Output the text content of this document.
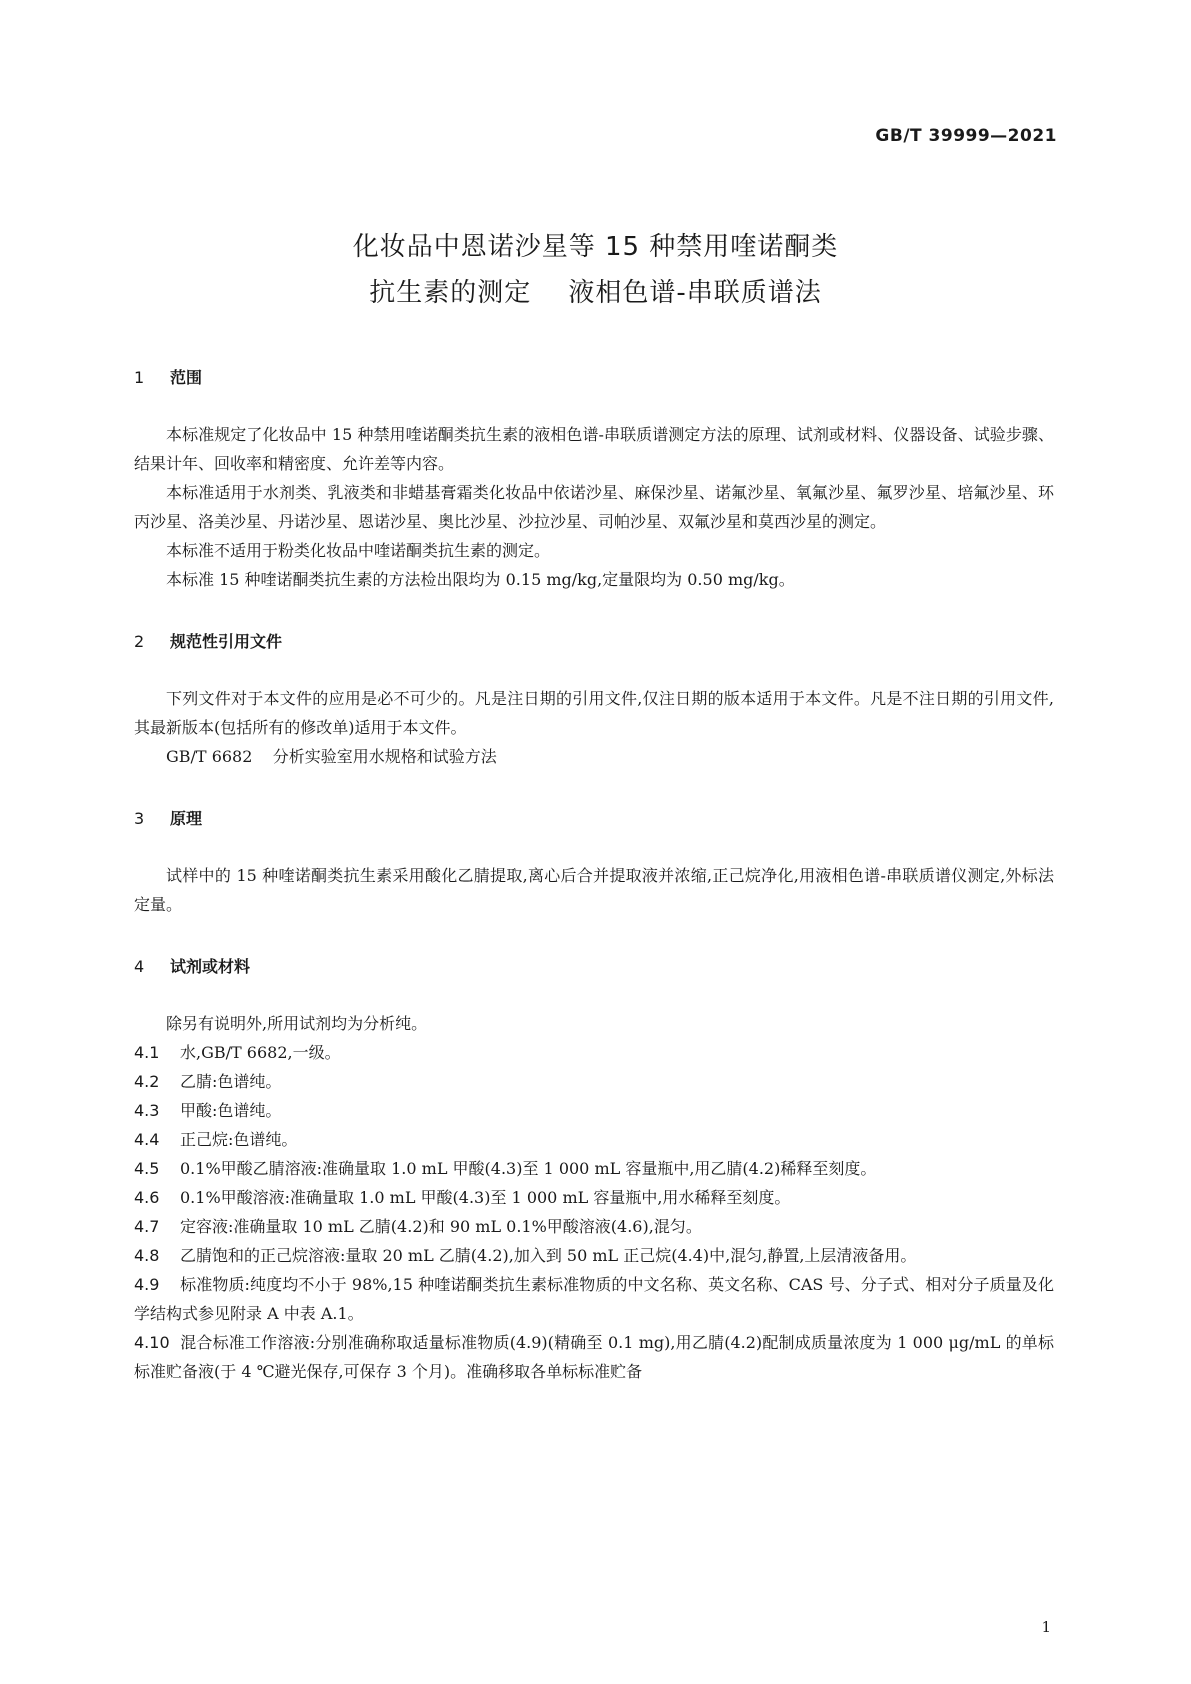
GB/T 39999—2021
化妆品中恩诺沙星等 15 种禁用喹诺酮类
抗生素的测定    液相色谱-串联质谱法
1 范围

本标准规定了化妆品中 15 种禁用喹诺酮类抗生素的液相色谱-串联质谱测定方法的原理、试剂或材料、仪器设备、试验步骤、结果计年、回收率和精密度、允许差等内容。

本标准适用于水剂类、乳液类和非蜡基膏霜类化妆品中依诺沙星、麻保沙星、诺氟沙星、氧氟沙星、氟罗沙星、培氟沙星、环丙沙星、洛美沙星、丹诺沙星、恩诺沙星、奥比沙星、沙拉沙星、司帕沙星、双氟沙星和莫西沙星的测定。

本标准不适用于粉类化妆品中喹诺酮类抗生素的测定。

本标准 15 种喹诺酮类抗生素的方法检出限均为 0.15 mg/kg,定量限均为 0.50 mg/kg。

2 规范性引用文件

下列文件对于本文件的应用是必不可少的。凡是注日期的引用文件,仅注日期的版本适用于本文件。凡是不注日期的引用文件,其最新版本(包括所有的修改单)适用于本文件。

GB/T 6682    分析实验室用水规格和试验方法
3 原理

试样中的 15 种喹诺酮类抗生素采用酸化乙腈提取,离心后合并提取液并浓缩,正己烷净化,用液相色谱-串联质谱仪测定,外标法定量。

4 试剂或材料

除另有说明外,所用试剂均为分析纯。

4.1 水,GB/T 6682,一级。

4.2 乙腈:色谱纯。

4.3 甲酸:色谱纯。

4.4 正己烷:色谱纯。

4.5 0.1%甲酸乙腈溶液:准确量取 1.0 mL 甲酸(4.3)至 1 000 mL 容量瓶中,用乙腈(4.2)稀释至刻度。

4.6 0.1%甲酸溶液:准确量取 1.0 mL 甲酸(4.3)至 1 000 mL 容量瓶中,用水稀释至刻度。

4.7 定容液:准确量取 10 mL 乙腈(4.2)和 90 mL 0.1%甲酸溶液(4.6),混匀。

4.8 乙腈饱和的正己烷溶液:量取 20 mL 乙腈(4.2),加入到 50 mL 正己烷(4.4)中,混匀,静置,上层清液备用。

4.9 标准物质:纯度均不小于 98%,15 种喹诺酮类抗生素标准物质的中文名称、英文名称、CAS 号、分子式、相对分子质量及化学结构式参见附录 A 中表 A.1。

4.10 混合标准工作溶液:分别准确称取适量标准物质(4.9)(精确至 0.1 mg),用乙腈(4.2)配制成质量浓度为 1 000 μg/mL 的单标标准贮备液(于 4 ℃避光保存,可保存 3 个月)。准确移取各单标标准贮备

1
